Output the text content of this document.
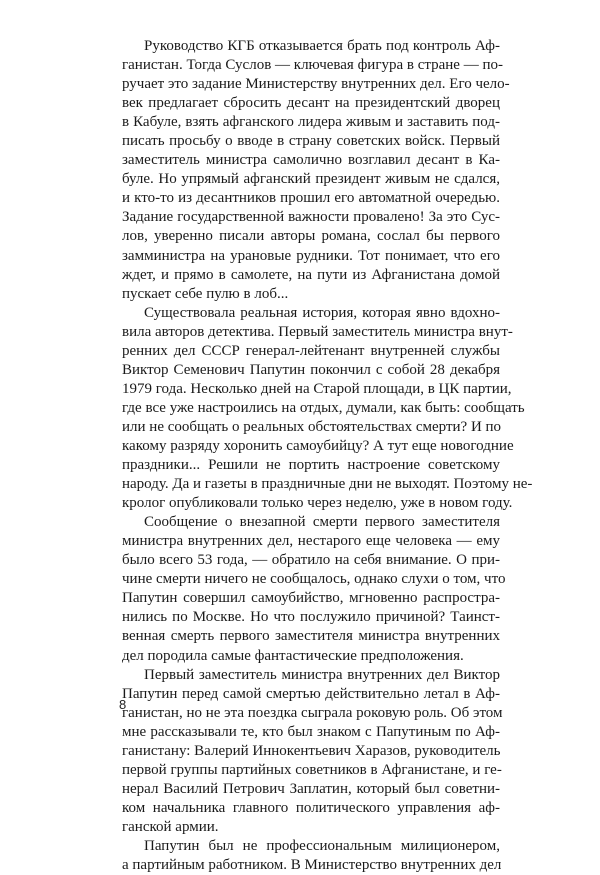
Руководство КГБ отказывается брать под контроль Аф-
ганистан. Тогда Суслов — ключевая фигура в стране — по-
ручает это задание Министерству внутренних дел. Его чело-
век предлагает сбросить десант на президентский дворец
в Кабуле, взять афганского лидера живым и заставить под-
писать просьбу о вводе в страну советских войск. Первый
заместитель министра самолично возглавил десант в Ка-
буле. Но упрямый афганский президент живым не сдался,
и кто-то из десантников прошил его автоматной очередью.
Задание государственной важности провалено! За это Сус-
лов, уверенно писали авторы романа, сослал бы первого
замминистра на урановые рудники. Тот понимает, что его
ждет, и прямо в самолете, на пути из Афганистана домой
пускает себе пулю в лоб...
Существовала реальная история, которая явно вдохно-
вила авторов детектива. Первый заместитель министра внут-
ренних дел СССР генерал-лейтенант внутренней службы
Виктор Семенович Папутин покончил с собой 28 декабря
1979 года. Несколько дней на Старой площади, в ЦК партии,
где все уже настроились на отдых, думали, как быть: сообщать
или не сообщать о реальных обстоятельствах смерти? И по
какому разряду хоронить самоубийцу? А тут еще новогодние
праздники... Решили не портить настроение советскому
народу. Да и газеты в праздничные дни не выходят. Поэтому не-
кролог опубликовали только через неделю, уже в новом году.
Сообщение о внезапной смерти первого заместителя
министра внутренних дел, нестарого еще человека — ему
было всего 53 года, — обратило на себя внимание. О при-
чине смерти ничего не сообщалось, однако слухи о том, что
Папутин совершил самоубийство, мгновенно распростра-
нились по Москве. Но что послужило причиной? Таинст-
венная смерть первого заместителя министра внутренних
дел породила самые фантастические предположения.
Первый заместитель министра внутренних дел Виктор
Папутин перед самой смертью действительно летал в Аф-
ганистан, но не эта поездка сыграла роковую роль. Об этом
мне рассказывали те, кто был знаком с Папутиным по Аф-
ганистану: Валерий Иннокентьевич Харазов, руководитель
первой группы партийных советников в Афганистане, и ге-
нерал Василий Петрович Заплатин, который был советни-
ком начальника главного политического управления аф-
ганской армии.
Папутин был не профессиональным милиционером,
а партийным работником. В Министерство внутренних дел
8
